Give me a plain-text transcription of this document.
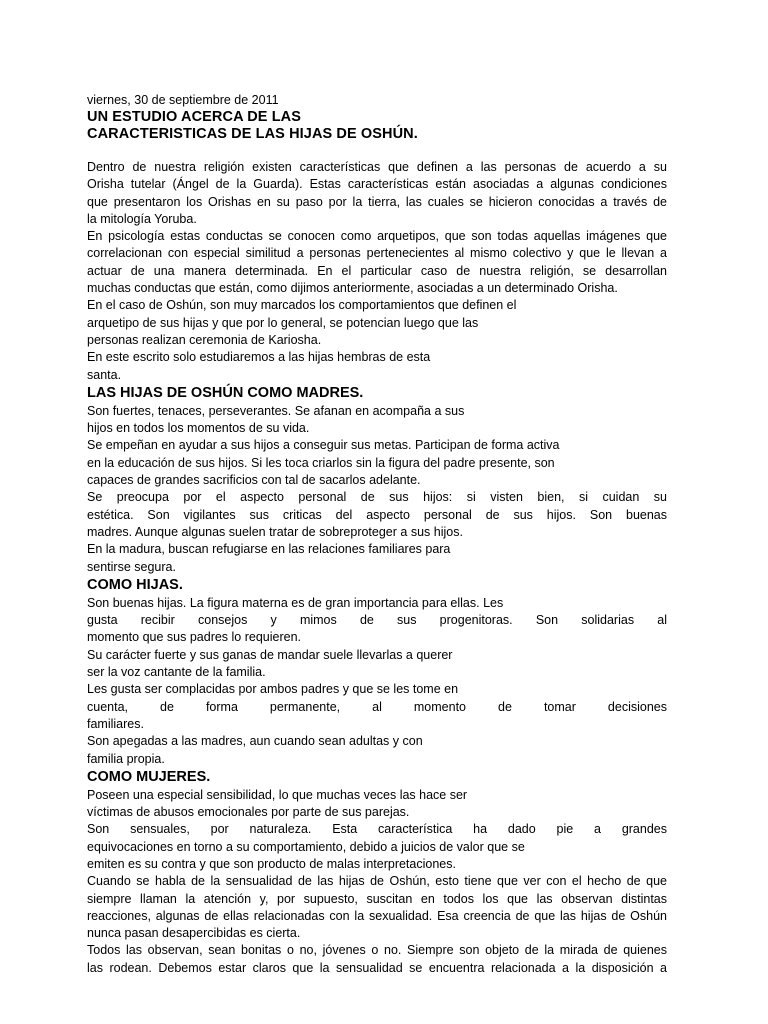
viernes, 30 de septiembre de 2011

UN ESTUDIO ACERCA DE LAS

CARACTERISTICAS DE LAS HIJAS DE OSHÚN.

Dentro de nuestra religión existen características que definen a las personas de acuerdo a su

Orisha tutelar (Ángel de la Guarda). Estas características están asociadas a algunas condiciones

que presentaron los Orishas en su paso por la tierra, las cuales se hicieron conocidas a través de

la mitología Yoruba.

En psicología estas conductas se conocen como arquetipos, que son todas aquellas imágenes que

correlacionan con especial similitud a personas pertenecientes al mismo colectivo y que le llevan a

actuar de una manera determinada. En el particular caso de nuestra religión, se desarrollan

muchas conductas que están, como dijimos anteriormente, asociadas a un determinado Orisha.

En el caso de Oshún, son muy marcados los comportamientos que definen el

arquetipo de sus hijas y que por lo general, se potencian luego que las

personas realizan ceremonia de Kariosha.

En este escrito solo estudiaremos a las hijas hembras de esta

santa.

LAS HIJAS DE OSHÚN COMO MADRES.

Son fuertes, tenaces, perseverantes. Se afanan en acompaña a sus

hijos en todos los momentos de su vida.

Se empeñan en ayudar a sus hijos a conseguir sus metas. Participan de forma activa

en la educación de sus hijos. Si les toca criarlos sin la figura del padre presente, son

capaces de grandes sacrificios con tal de sacarlos adelante.

Se preocupa por el aspecto personal de sus hijos: si visten bien, si cuidan su

estética. Son vigilantes sus criticas del aspecto personal de sus hijos. Son buenas

madres. Aunque algunas suelen tratar de sobreproteger a sus hijos.

En la madura, buscan refugiarse en las relaciones familiares para

sentirse segura.

COMO HIJAS.

Son buenas hijas. La figura materna es de gran importancia para ellas. Les

gusta recibir consejos y mimos de sus progenitoras. Son solidarias al

momento que sus padres lo requieren.

Su carácter fuerte y sus ganas de mandar suele llevarlas a querer

ser la voz cantante de la familia.

Les gusta ser complacidas por ambos padres y que se les tome en

cuenta, de forma permanente, al momento de tomar decisiones

familiares.

Son apegadas a las madres, aun cuando sean adultas y con

familia propia.

COMO MUJERES.

Poseen una especial sensibilidad, lo que muchas veces las hace ser

víctimas de abusos emocionales por parte de sus parejas.

Son sensuales, por naturaleza. Esta característica ha dado pie a grandes

equivocaciones en torno a su comportamiento, debido a juicios de valor que se

emiten es su contra y que son producto de malas interpretaciones.

Cuando se habla de la sensualidad de las hijas de Oshún, esto tiene que ver con el hecho de que

siempre llaman la atención y, por supuesto, suscitan en todos los que las observan distintas

reacciones, algunas de ellas relacionadas con la sexualidad. Esa creencia de que las hijas de Oshún

nunca pasan desapercibidas es cierta.

Todos las observan, sean bonitas o no, jóvenes o no. Siempre son objeto de la mirada de quienes

las rodean. Debemos estar claros que la sensualidad se encuentra relacionada a la disposición a
